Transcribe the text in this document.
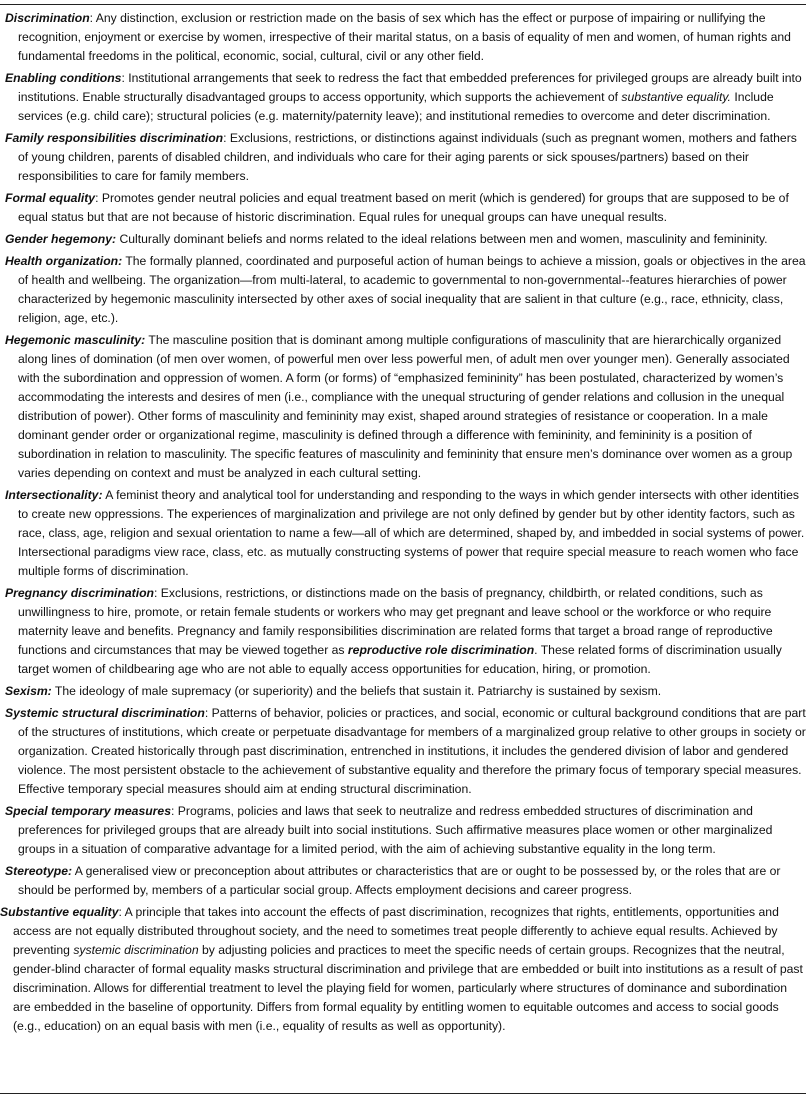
Discrimination: Any distinction, exclusion or restriction made on the basis of sex which has the effect or purpose of impairing or nullifying the recognition, enjoyment or exercise by women, irrespective of their marital status, on a basis of equality of men and women, of human rights and fundamental freedoms in the political, economic, social, cultural, civil or any other field.

Enabling conditions: Institutional arrangements that seek to redress the fact that embedded preferences for privileged groups are already built into institutions. Enable structurally disadvantaged groups to access opportunity, which supports the achievement of substantive equality. Include services (e.g. child care); structural policies (e.g. maternity/paternity leave); and institutional remedies to overcome and deter discrimination.

Family responsibilities discrimination: Exclusions, restrictions, or distinctions against individuals (such as pregnant women, mothers and fathers of young children, parents of disabled children, and individuals who care for their aging parents or sick spouses/partners) based on their responsibilities to care for family members.

Formal equality: Promotes gender neutral policies and equal treatment based on merit (which is gendered) for groups that are supposed to be of equal status but that are not because of historic discrimination. Equal rules for unequal groups can have unequal results.

Gender hegemony: Culturally dominant beliefs and norms related to the ideal relations between men and women, masculinity and femininity.

Health organization: The formally planned, coordinated and purposeful action of human beings to achieve a mission, goals or objectives in the area of health and wellbeing. The organization—from multi-lateral, to academic to governmental to non-governmental--features hierarchies of power characterized by hegemonic masculinity intersected by other axes of social inequality that are salient in that culture (e.g., race, ethnicity, class, religion, age, etc.).

Hegemonic masculinity: The masculine position that is dominant among multiple configurations of masculinity that are hierarchically organized along lines of domination (of men over women, of powerful men over less powerful men, of adult men over younger men). Generally associated with the subordination and oppression of women. A form (or forms) of “emphasized femininity” has been postulated, characterized by women’s accommodating the interests and desires of men (i.e., compliance with the unequal structuring of gender relations and collusion in the unequal distribution of power). Other forms of masculinity and femininity may exist, shaped around strategies of resistance or cooperation. In a male dominant gender order or organizational regime, masculinity is defined through a difference with femininity, and femininity is a position of subordination in relation to masculinity. The specific features of masculinity and femininity that ensure men’s dominance over women as a group varies depending on context and must be analyzed in each cultural setting.

Intersectionality: A feminist theory and analytical tool for understanding and responding to the ways in which gender intersects with other identities to create new oppressions. The experiences of marginalization and privilege are not only defined by gender but by other identity factors, such as race, class, age, religion and sexual orientation to name a few—all of which are determined, shaped by, and imbedded in social systems of power. Intersectional paradigms view race, class, etc. as mutually constructing systems of power that require special measure to reach women who face multiple forms of discrimination.

Pregnancy discrimination: Exclusions, restrictions, or distinctions made on the basis of pregnancy, childbirth, or related conditions, such as unwillingness to hire, promote, or retain female students or workers who may get pregnant and leave school or the workforce or who require maternity leave and benefits. Pregnancy and family responsibilities discrimination are related forms that target a broad range of reproductive functions and circumstances that may be viewed together as reproductive role discrimination. These related forms of discrimination usually target women of childbearing age who are not able to equally access opportunities for education, hiring, or promotion.

Sexism: The ideology of male supremacy (or superiority) and the beliefs that sustain it. Patriarchy is sustained by sexism.

Systemic structural discrimination: Patterns of behavior, policies or practices, and social, economic or cultural background conditions that are part of the structures of institutions, which create or perpetuate disadvantage for members of a marginalized group relative to other groups in society or organization. Created historically through past discrimination, entrenched in institutions, it includes the gendered division of labor and gendered violence. The most persistent obstacle to the achievement of substantive equality and therefore the primary focus of temporary special measures. Effective temporary special measures should aim at ending structural discrimination.

Special temporary measures: Programs, policies and laws that seek to neutralize and redress embedded structures of discrimination and preferences for privileged groups that are already built into social institutions. Such affirmative measures place women or other marginalized groups in a situation of comparative advantage for a limited period, with the aim of achieving substantive equality in the long term.

Stereotype: A generalised view or preconception about attributes or characteristics that are or ought to be possessed by, or the roles that are or should be performed by, members of a particular social group. Affects employment decisions and career progress.

Substantive equality: A principle that takes into account the effects of past discrimination, recognizes that rights, entitlements, opportunities and access are not equally distributed throughout society, and the need to sometimes treat people differently to achieve equal results. Achieved by preventing systemic discrimination by adjusting policies and practices to meet the specific needs of certain groups. Recognizes that the neutral, gender-blind character of formal equality masks structural discrimination and privilege that are embedded or built into institutions as a result of past discrimination. Allows for differential treatment to level the playing field for women, particularly where structures of dominance and subordination are embedded in the baseline of opportunity. Differs from formal equality by entitling women to equitable outcomes and access to social goods (e.g., education) on an equal basis with men (i.e., equality of results as well as opportunity).
